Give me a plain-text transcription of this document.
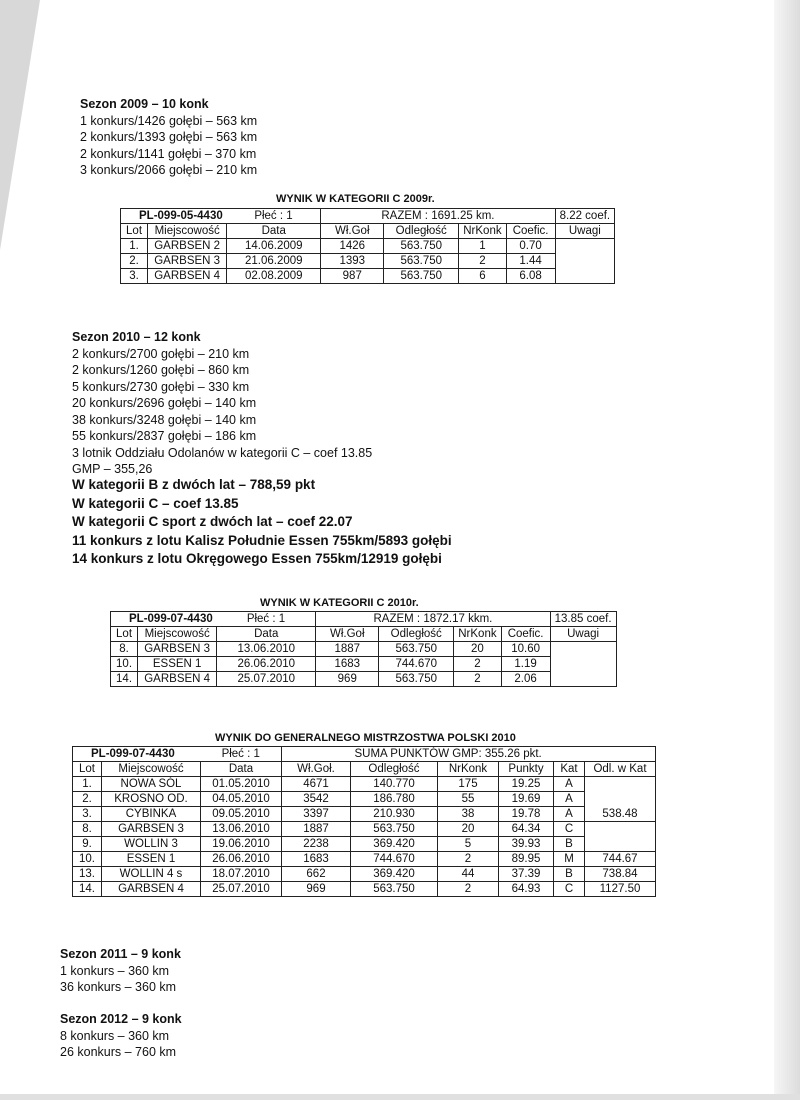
Sezon 2009 – 10 konk
1 konkurs/1426 gołębi – 563 km
2 konkurs/1393 gołębi – 563 km
2 konkurs/1141 gołębi – 370 km
3 konkurs/2066 gołębi – 210 km
WYNIK W KATEGORII C 2009r.
PL-099-05-4430		Płeć : 1	RAZEM : 1691.25 km.				8.22 coef.
Lot	Miejscowość	Data	Wł.Goł	Odległość	NrKonk	Coefic.	Uwagi
1.	GARBSEN 2	14.06.2009	1426	563.750	1	0.70	
2.	GARBSEN 3	21.06.2009	1393	563.750	2	1.44	
3.	GARBSEN 4	02.08.2009	987	563.750	6	6.08	
Sezon 2010 – 12 konk
2 konkurs/2700 gołębi – 210 km
2 konkurs/1260 gołębi – 860 km
5 konkurs/2730 gołębi – 330 km
20 konkurs/2696 gołębi – 140 km
38 konkurs/3248 gołębi – 140 km
55 konkurs/2837 gołębi – 186 km
3 lotnik Oddziału Odolanów w kategorii C – coef 13.85
GMP – 355,26
W kategorii B z dwóch lat – 788,59 pkt
W kategorii C – coef 13.85
W kategorii C sport z dwóch lat – coef 22.07
11 konkurs z lotu Kalisz Południe Essen 755km/5893 gołębi
14 konkurs z lotu Okręgowego Essen 755km/12919 gołębi
WYNIK W KATEGORII C 2010r.
PL-099-07-4430		Płeć : 1	RAZEM : 1872.17 kkm.				13.85 coef.
Lot	Miejscowość	Data	Wł.Goł	Odległość	NrKonk	Coefic.	Uwagi
8.	GARBSEN 3	13.06.2010	1887	563.750	20	10.60	
10.	ESSEN 1	26.06.2010	1683	744.670	2	1.19	
14.	GARBSEN 4	25.07.2010	969	563.750	2	2.06	
WYNIK DO GENERALNEGO MISTRZOSTWA POLSKI 2010
PL-099-07-4430		Płeć : 1		SUMA PUNKTÓW GMP: 355.26 pkt.				
Lot	Miejscowość	Data	Wł.Goł.	Odległość	NrKonk	Punkty	Kat	Odl. w Kat
1.	NOWA SÓL	01.05.2010	4671	140.770	175	19.25	A	
2.	KROSNO OD.	04.05.2010	3542	186.780	55	19.69	A	
3.	CYBINKA	09.05.2010	3397	210.930	38	19.78	A	538.48
8.	GARBSEN 3	13.06.2010	1887	563.750	20	64.34	C	
9.	WOLLIN 3	19.06.2010	2238	369.420	5	39.93	B	
10.	ESSEN 1	26.06.2010	1683	744.670	2	89.95	M	744.67
13.	WOLLIN 4 s	18.07.2010	662	369.420	44	37.39	B	738.84
14.	GARBSEN 4	25.07.2010	969	563.750	2	64.93	C	1127.50
Sezon 2011 – 9 konk
1 konkurs – 360 km
36 konkurs – 360 km
Sezon 2012 – 9 konk
8 konkurs – 360 km
26 konkurs – 760 km
